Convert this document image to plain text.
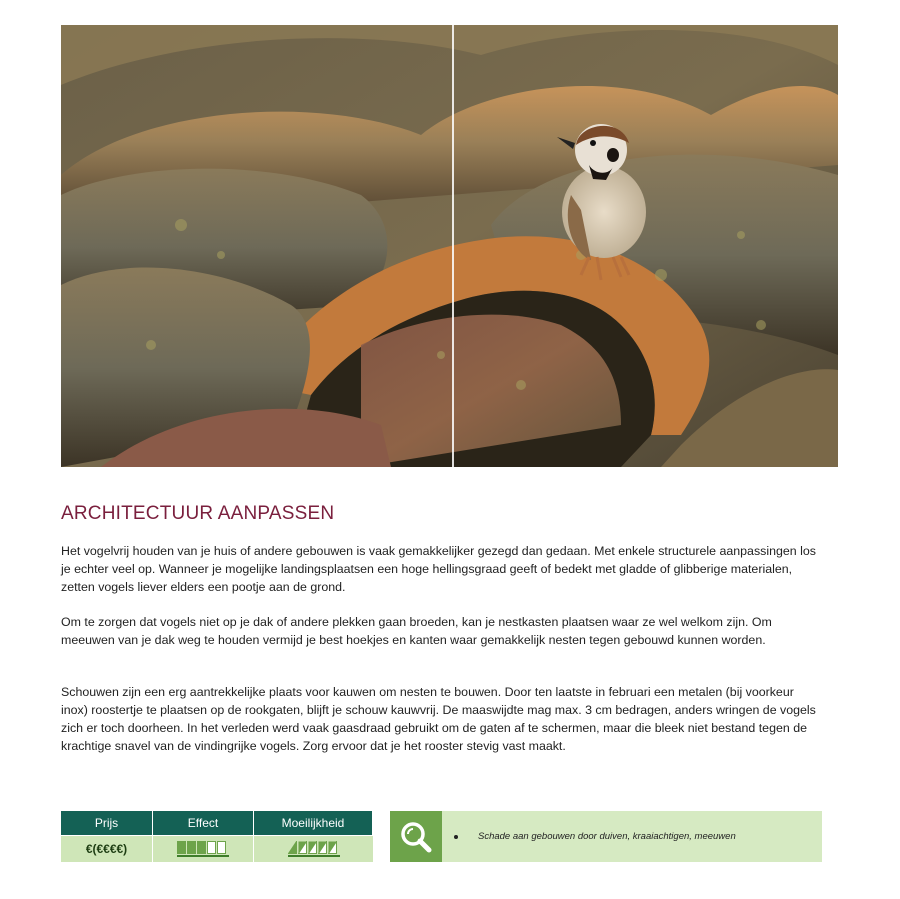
ARCHITECTUUR AANPASSEN

Het vogelvrij houden van je huis of andere gebouwen is vaak gemakkelijker gezegd dan gedaan. Met enkele structurele aanpassingen los je echter veel op. Wanneer je mogelijke landingsplaatsen een hoge hellingsgraad geeft of bedekt met gladde of glibberige materialen, zetten vogels liever elders een pootje aan de grond.

Om te zorgen dat vogels niet op je dak of andere plekken gaan broeden, kan je nestkasten plaatsen waar ze wel welkom zijn. Om meeuwen van je dak weg te houden vermijd je best hoekjes en kanten waar gemakkelijk nesten tegen gebouwd kunnen worden.

Schouwen zijn een erg aantrekkelijke plaats voor kauwen om nesten te bouwen. Door ten laatste in februari een metalen (bij voorkeur inox) roostertje te plaatsen op de rookgaten, blijft je schouw kauwvrij. De maaswijdte mag max. 3 cm bedragen, anders wringen de vogels zich er toch doorheen. In het verleden werd vaak gaasdraad gebruikt om de gaten af te schermen, maar die bleek niet bestand tegen de krachtige snavel van de vindingrijke vogels. Zorg ervoor dat je het rooster stevig vast maakt.

Prijs	Effect	Moeilijkheid
€(€€€€)
Schade aan gebouwen door duiven, kraaiachtigen, meeuwen
